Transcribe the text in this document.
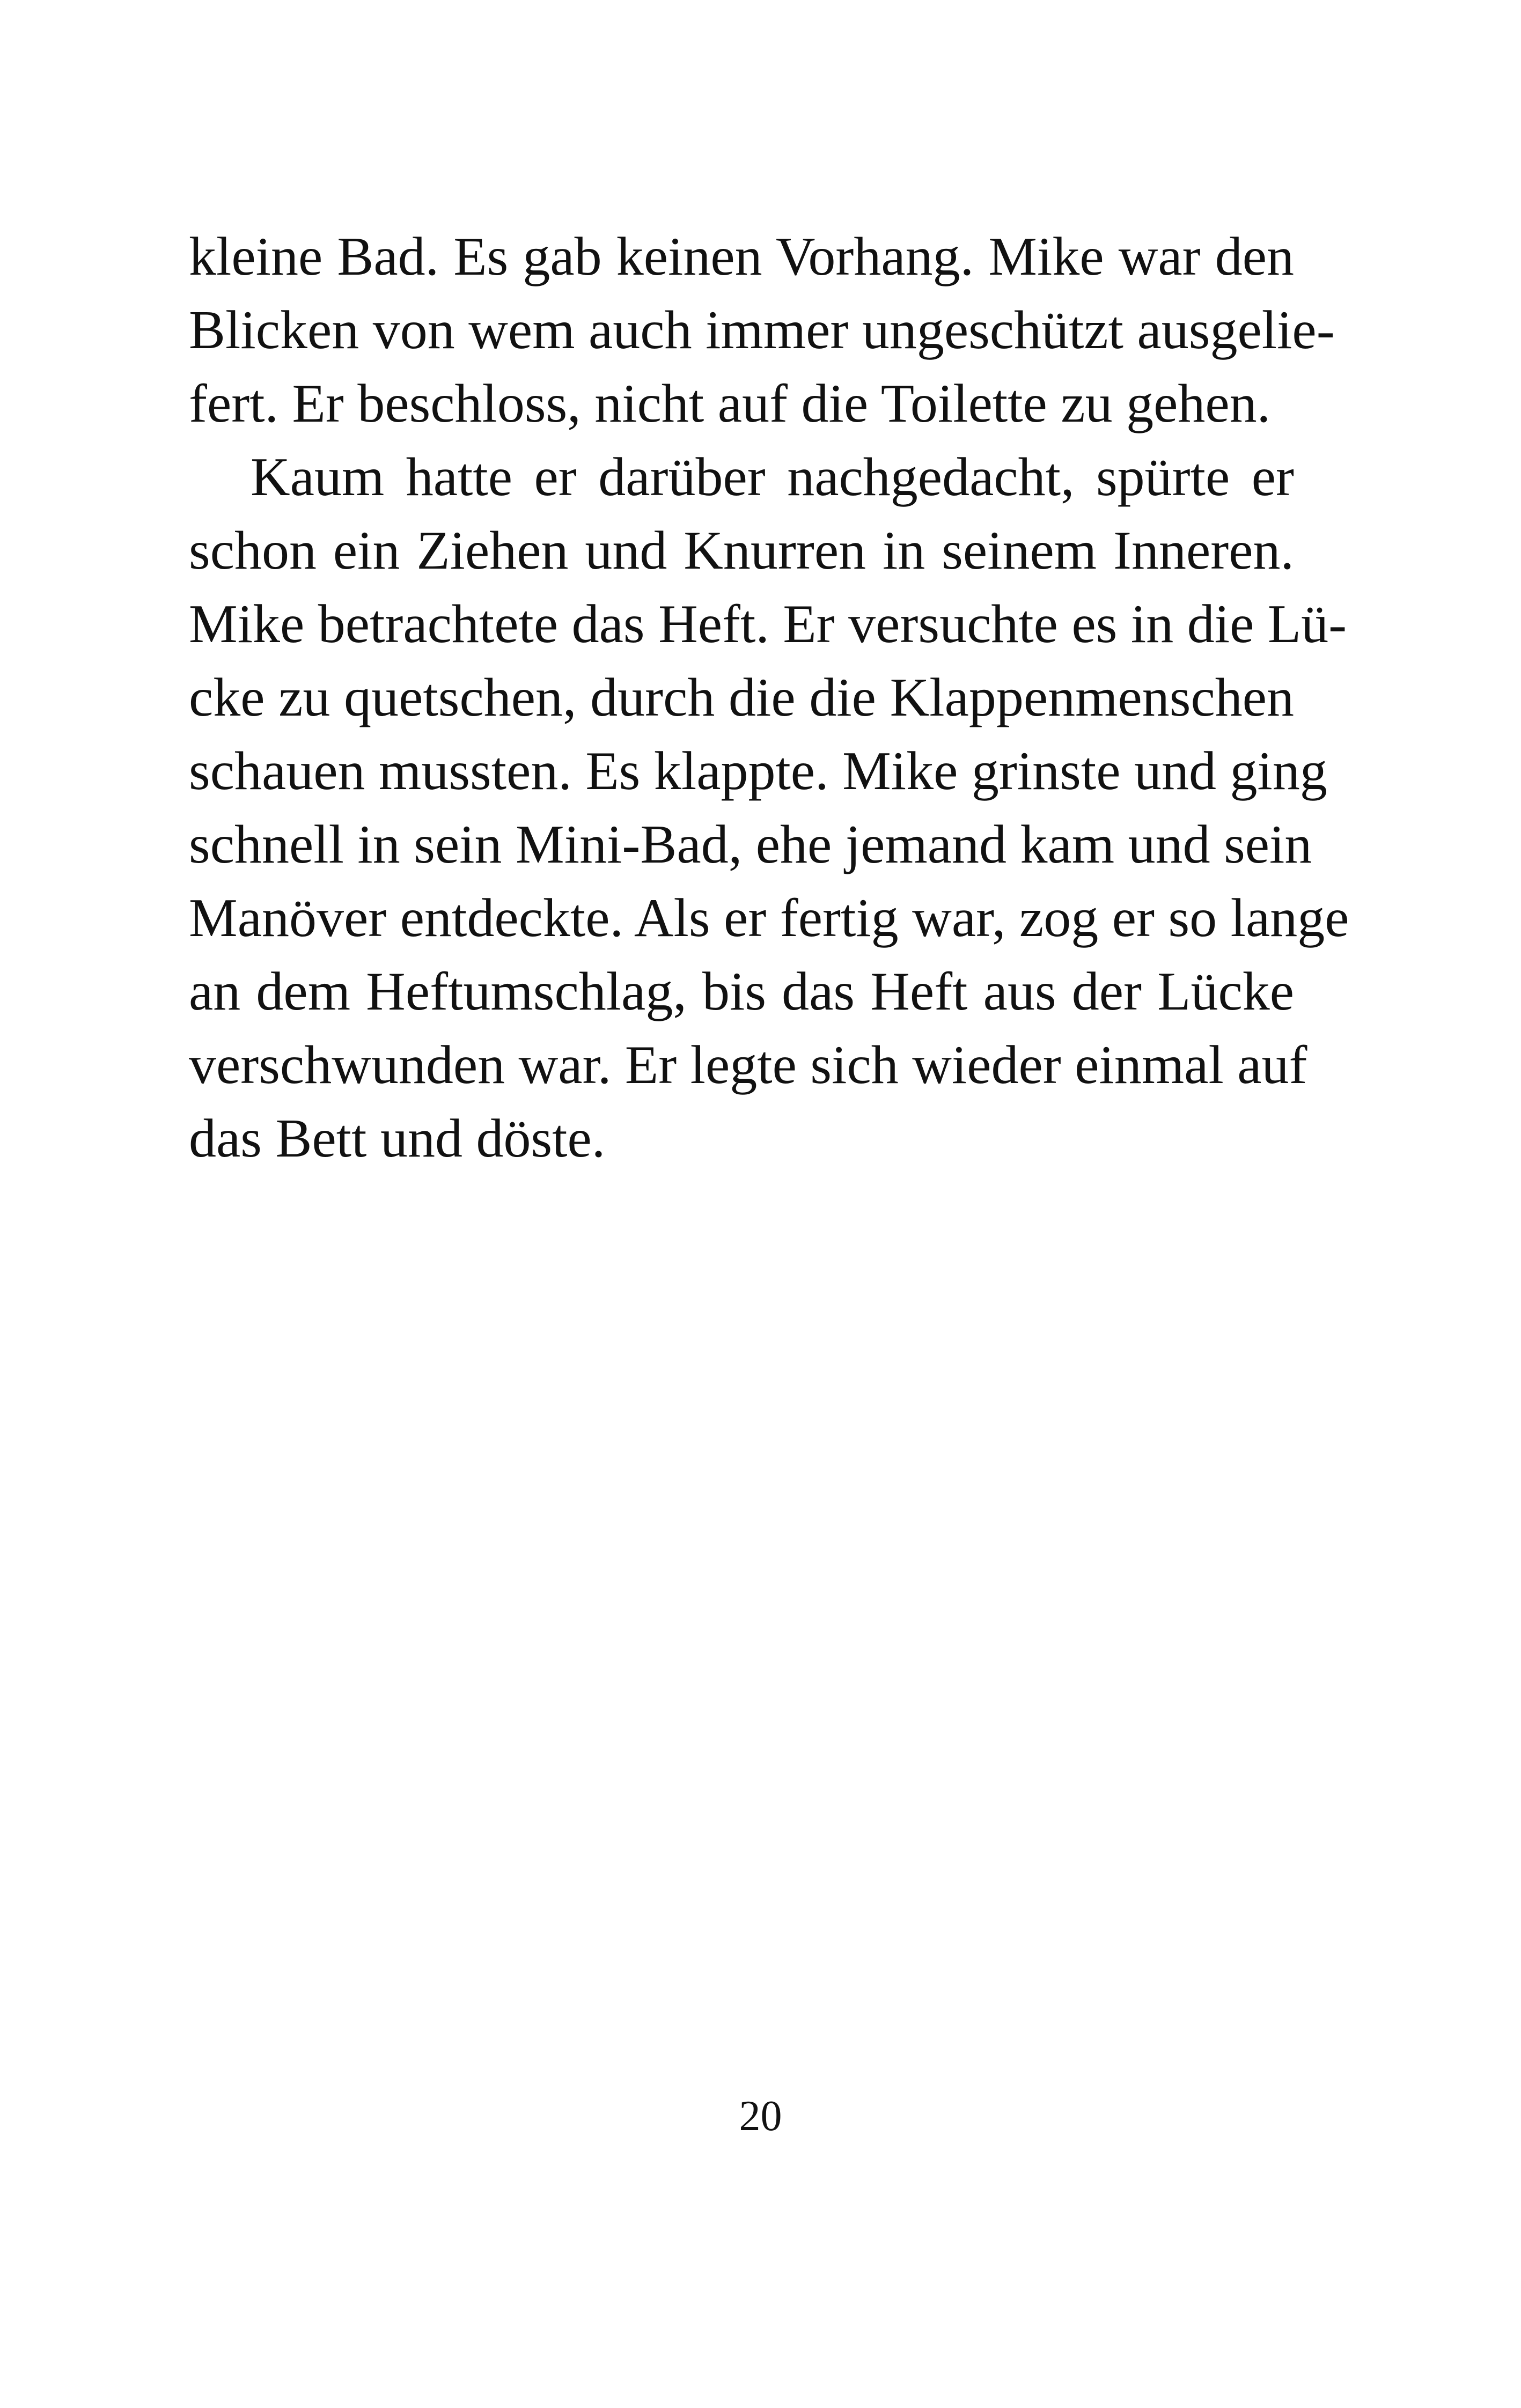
kleine Bad. Es gab keinen Vorhang. Mike war den
Blicken von wem auch immer ungeschützt ausgelie-
fert. Er beschloss, nicht auf die Toilette zu gehen.
Kaum hatte er darüber nachgedacht, spürte er
schon ein Ziehen und Knurren in seinem Inneren.
Mike betrachtete das Heft. Er versuchte es in die Lü-
cke zu quetschen, durch die die Klappenmenschen
schauen mussten. Es klappte. Mike grinste und ging
schnell in sein Mini-Bad, ehe jemand kam und sein
Manöver entdeckte. Als er fertig war, zog er so lange
an dem Heftumschlag, bis das Heft aus der Lücke
verschwunden war. Er legte sich wieder einmal auf
das Bett und döste.
20
